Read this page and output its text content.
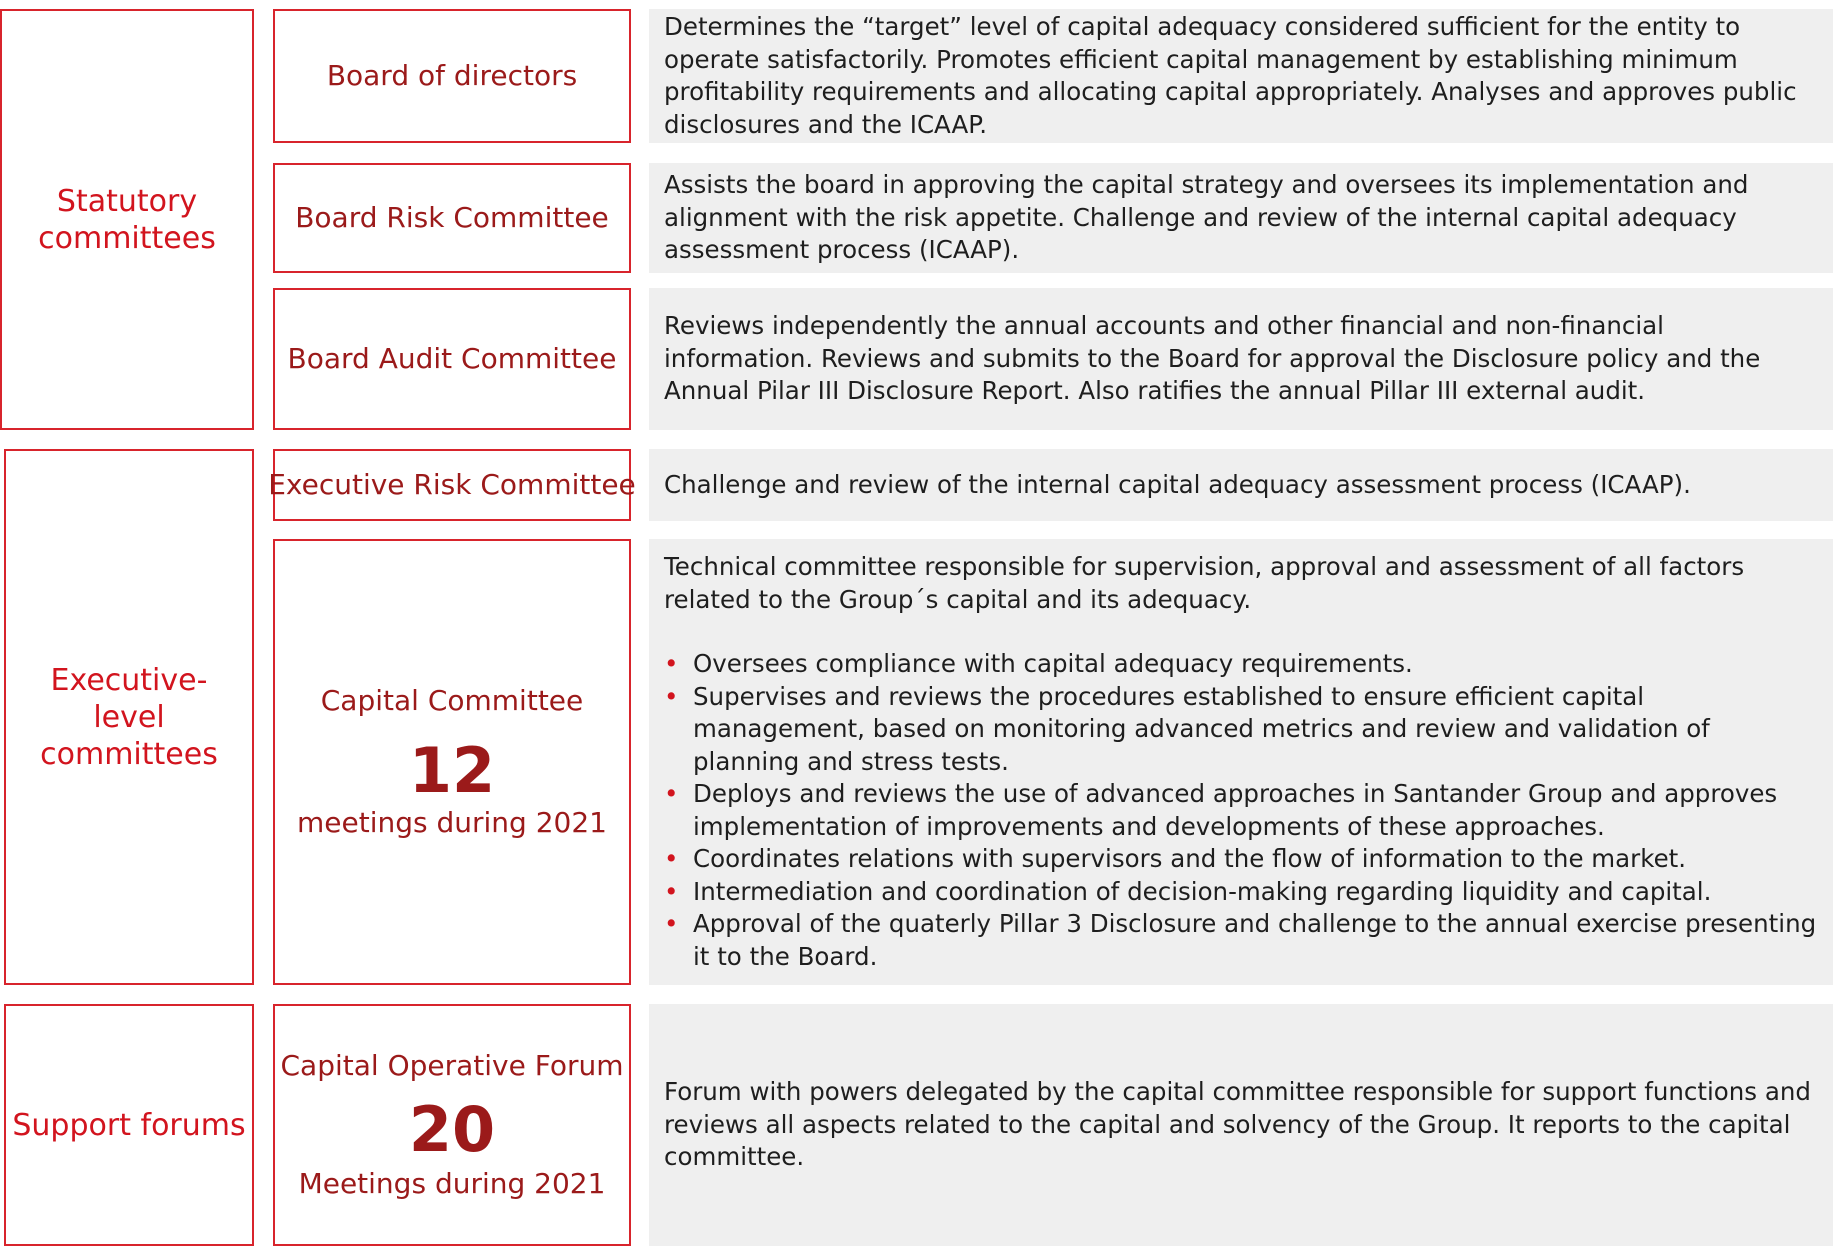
Statutory committees
Executive-level committees
Support forums
Board of directors
Board Risk Committee
Board Audit Committee
Executive Risk Committee
Capital Committee
12
meetings during 2021
Capital Operative Forum
20
Meetings during 2021

Determines the “target” level of capital adequacy considered sufficient for the entity to operate satisfactorily. Promotes efficient capital management by establishing minimum profitability requirements and allocating capital appropriately. Analyses and approves public disclosures and the ICAAP.

Assists the board in approving the capital strategy and oversees its implementation and alignment with the risk appetite. Challenge and review of the internal capital adequacy assessment process (ICAAP).

Reviews independently the annual accounts and other financial and non-financial information. Reviews and submits to the Board for approval the Disclosure policy and the Annual Pilar III Disclosure Report. Also ratifies the annual Pillar III external audit.

Challenge and review of the internal capital adequacy assessment process (ICAAP).

Technical committee responsible for supervision, approval and assessment of all factors related to the Group´s capital and its adequacy.

• Oversees compliance with capital adequacy requirements.
• Supervises and reviews the procedures established to ensure efficient capital management, based on monitoring advanced metrics and review and validation of planning and stress tests.
• Deploys and reviews the use of advanced approaches in Santander Group and approves implementation of improvements and developments of these approaches.
• Coordinates relations with supervisors and the flow of information to the market.
• Intermediation and coordination of decision-making regarding liquidity and capital.
• Approval of the quaterly Pillar 3 Disclosure and challenge to the annual exercise presenting it to the Board.

Forum with powers delegated by the capital committee responsible for support functions and reviews all aspects related to the capital and solvency of the Group. It reports to the capital committee.
